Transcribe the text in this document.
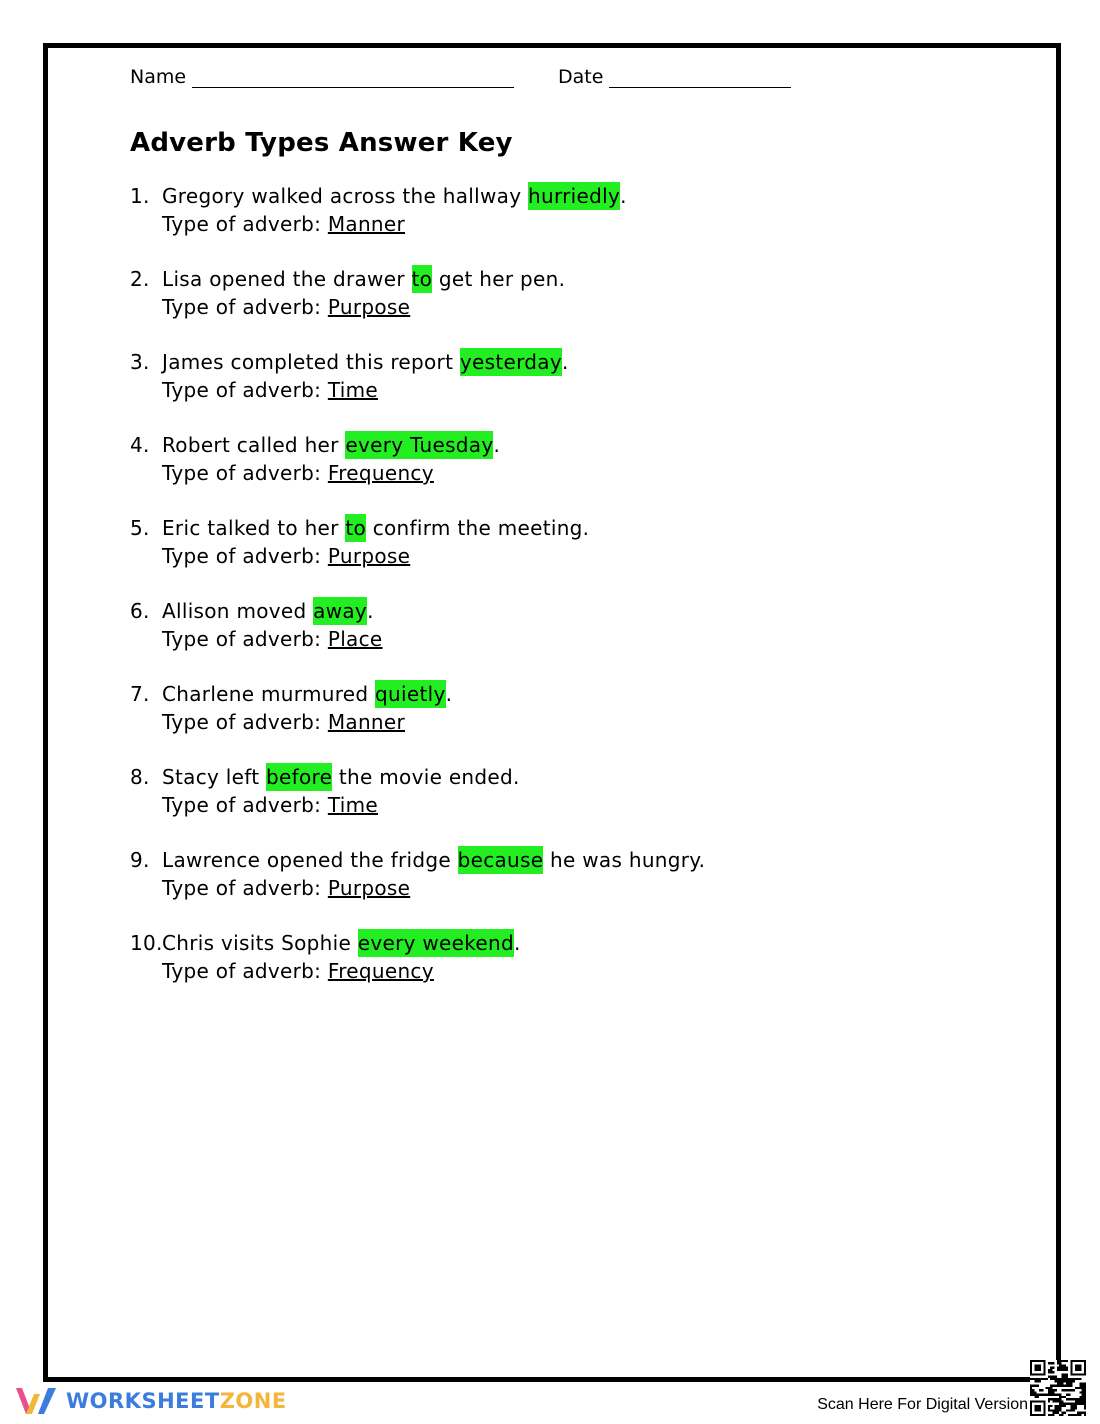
Name	Date
Adverb Types Answer Key
1. Gregory walked across the hallway hurriedly .
Type of adverb: Manner
2. Lisa opened the drawer to get her pen.
Type of adverb: Purpose
3. James completed this report yesterday .
Type of adverb: Time
4. Robert called her every Tuesday .
Type of adverb: Frequency
5. Eric talked to her to confirm the meeting.
Type of adverb: Purpose
6. Allison moved away .
Type of adverb: Place
7. Charlene murmured quietly .
Type of adverb: Manner
8. Stacy left before the movie ended.
Type of adverb: Time
9. Lawrence opened the fridge because he was hungry.
Type of adverb: Purpose
10. Chris visits Sophie every weekend .
Type of adverb: Frequency
WORKSHEETZONE	Scan Here For Digital Version
